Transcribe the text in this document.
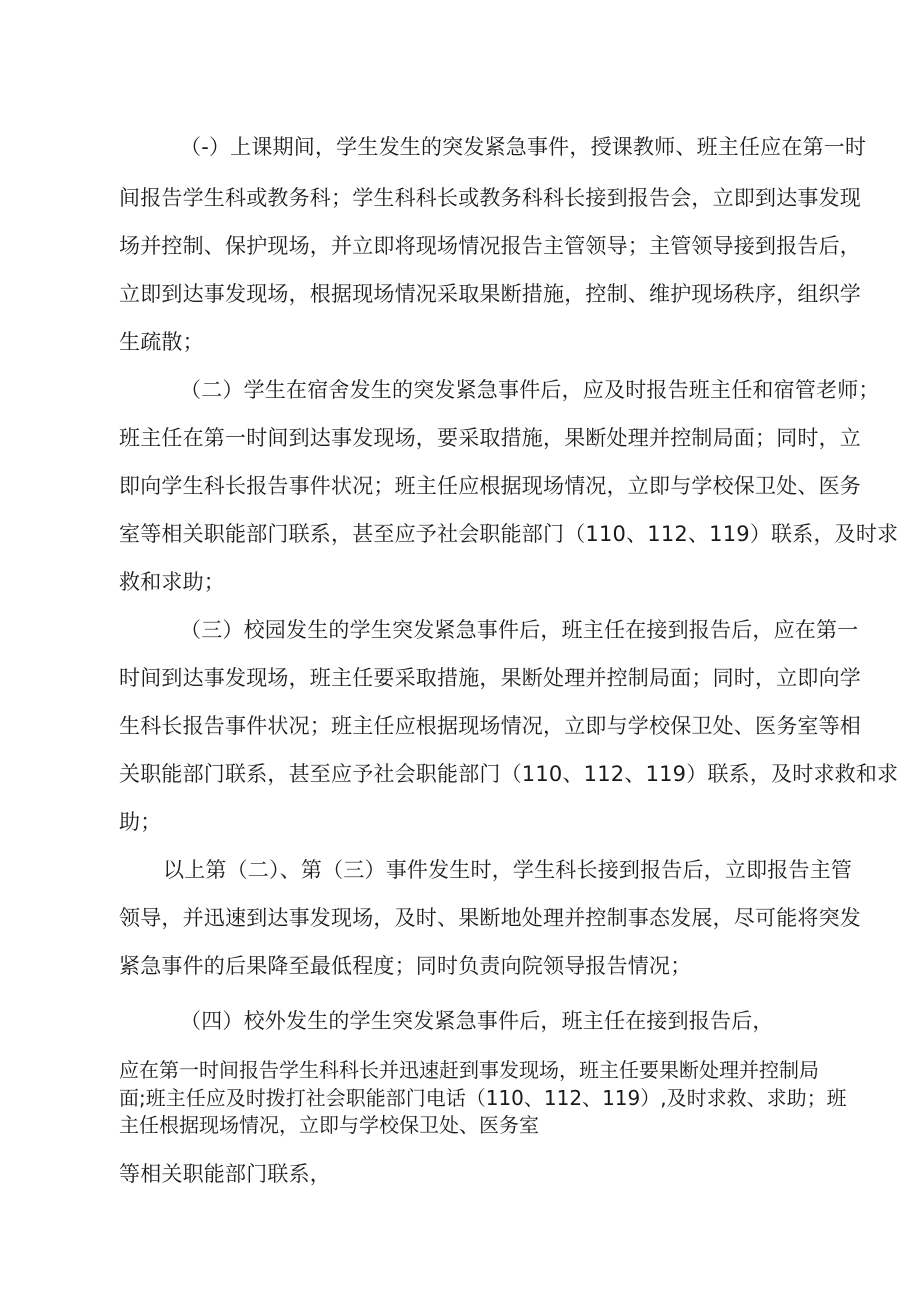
（-）上课期间，学生发生的突发紧急事件，授课教师、班主任应在第一时
间报告学生科或教务科；学生科科长或教务科科长接到报告会，立即到达事发现
场并控制、保护现场，并立即将现场情况报告主管领导；主管领导接到报告后，
立即到达事发现场，根据现场情况采取果断措施，控制、维护现场秩序，组织学
生疏散；
（二）学生在宿舍发生的突发紧急事件后，应及时报告班主任和宿管老师；
班主任在第一时间到达事发现场，要采取措施，果断处理并控制局面；同时，立
即向学生科长报告事件状况；班主任应根据现场情况，立即与学校保卫处、医务
室等相关职能部门联系，甚至应予社会职能部门（110、112、119）联系，及时求
救和求助；
（三）校园发生的学生突发紧急事件后，班主任在接到报告后，应在第一
时间到达事发现场，班主任要采取措施，果断处理并控制局面；同时，立即向学
生科长报告事件状况；班主任应根据现场情况，立即与学校保卫处、医务室等相
关职能部门联系，甚至应予社会职能部门（110、112、119）联系，及时求救和求
助；
以上第（二）、第（三）事件发生时，学生科长接到报告后，立即报告主管
领导，并迅速到达事发现场，及时、果断地处理并控制事态发展，尽可能将突发
紧急事件的后果降至最低程度；同时负责向院领导报告情况；
（四）校外发生的学生突发紧急事件后，班主任在接到报告后，
应在第一时间报告学生科科长并迅速赶到事发现场，班主任要果断处理并控制局
面;班主任应及时拨打社会职能部门电话（110、112、119）,及时求救、求助；班
主任根据现场情况，立即与学校保卫处、医务室
等相关职能部门联系，
